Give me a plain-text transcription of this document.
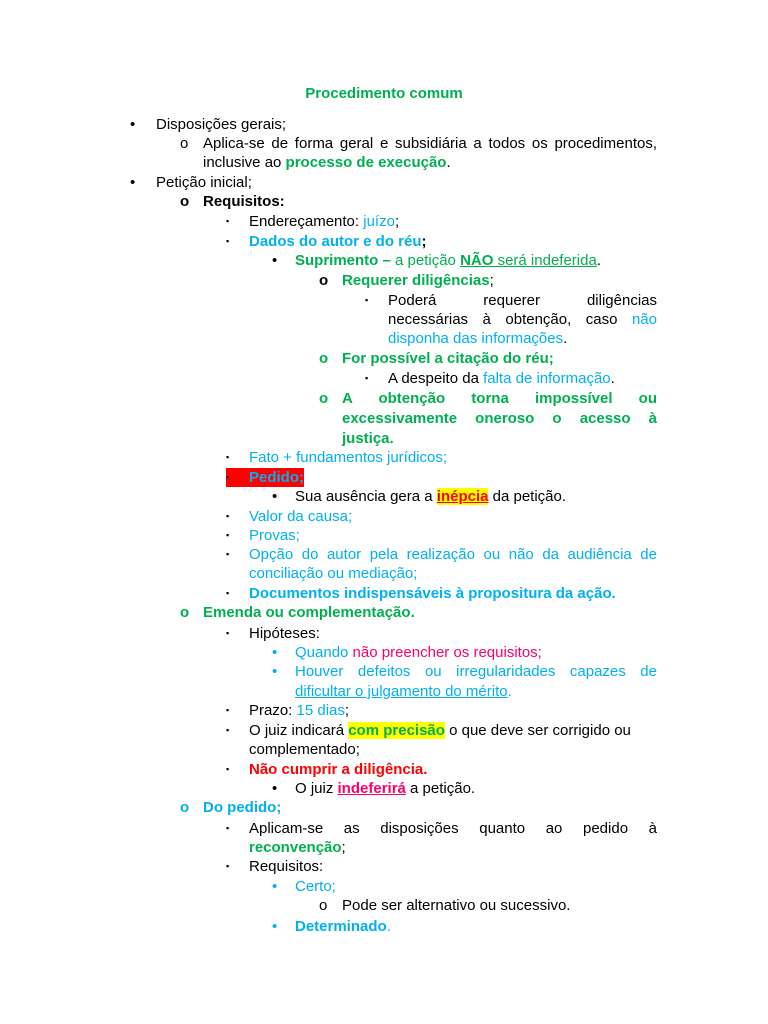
Procedimento comum
• Disposições gerais;
o Aplica-se de forma geral e subsidiária a todos os procedimentos,
inclusive ao processo de execução.
• Petição inicial;
o Requisitos:
▪ Endereçamento: juízo;
▪ Dados do autor e do réu;
• Suprimento – a petição NÃO será indeferida.
o Requerer diligências;
▪ Poderá requerer diligências
necessárias à obtenção, caso não
disponha das informações.
o For possível a citação do réu;
▪ A despeito da falta de informação.
o A obtenção torna impossível ou
excessivamente oneroso o acesso à
justiça.
▪ Fato + fundamentos jurídicos;
▪	Pedido;
• Sua ausência gera a inépcia da petição.
▪ Valor da causa;
▪ Provas;
▪ Opção do autor pela realização ou não da audiência de
conciliação ou mediação;
▪ Documentos indispensáveis à propositura da ação.
o Emenda ou complementação.
▪ Hipóteses:
• Quando não preencher os requisitos;
• Houver defeitos ou irregularidades capazes de
dificultar o julgamento do mérito.
▪ Prazo: 15 dias;
▪ O juiz indicará com precisão o que deve ser corrigido ou
complementado;
▪ Não cumprir a diligência.
• O juiz indeferirá a petição.
o Do pedido;
▪ Aplicam-se as disposições quanto ao pedido à
reconvenção;
▪ Requisitos:
• Certo;
o Pode ser alternativo ou sucessivo.
• Determinado.
